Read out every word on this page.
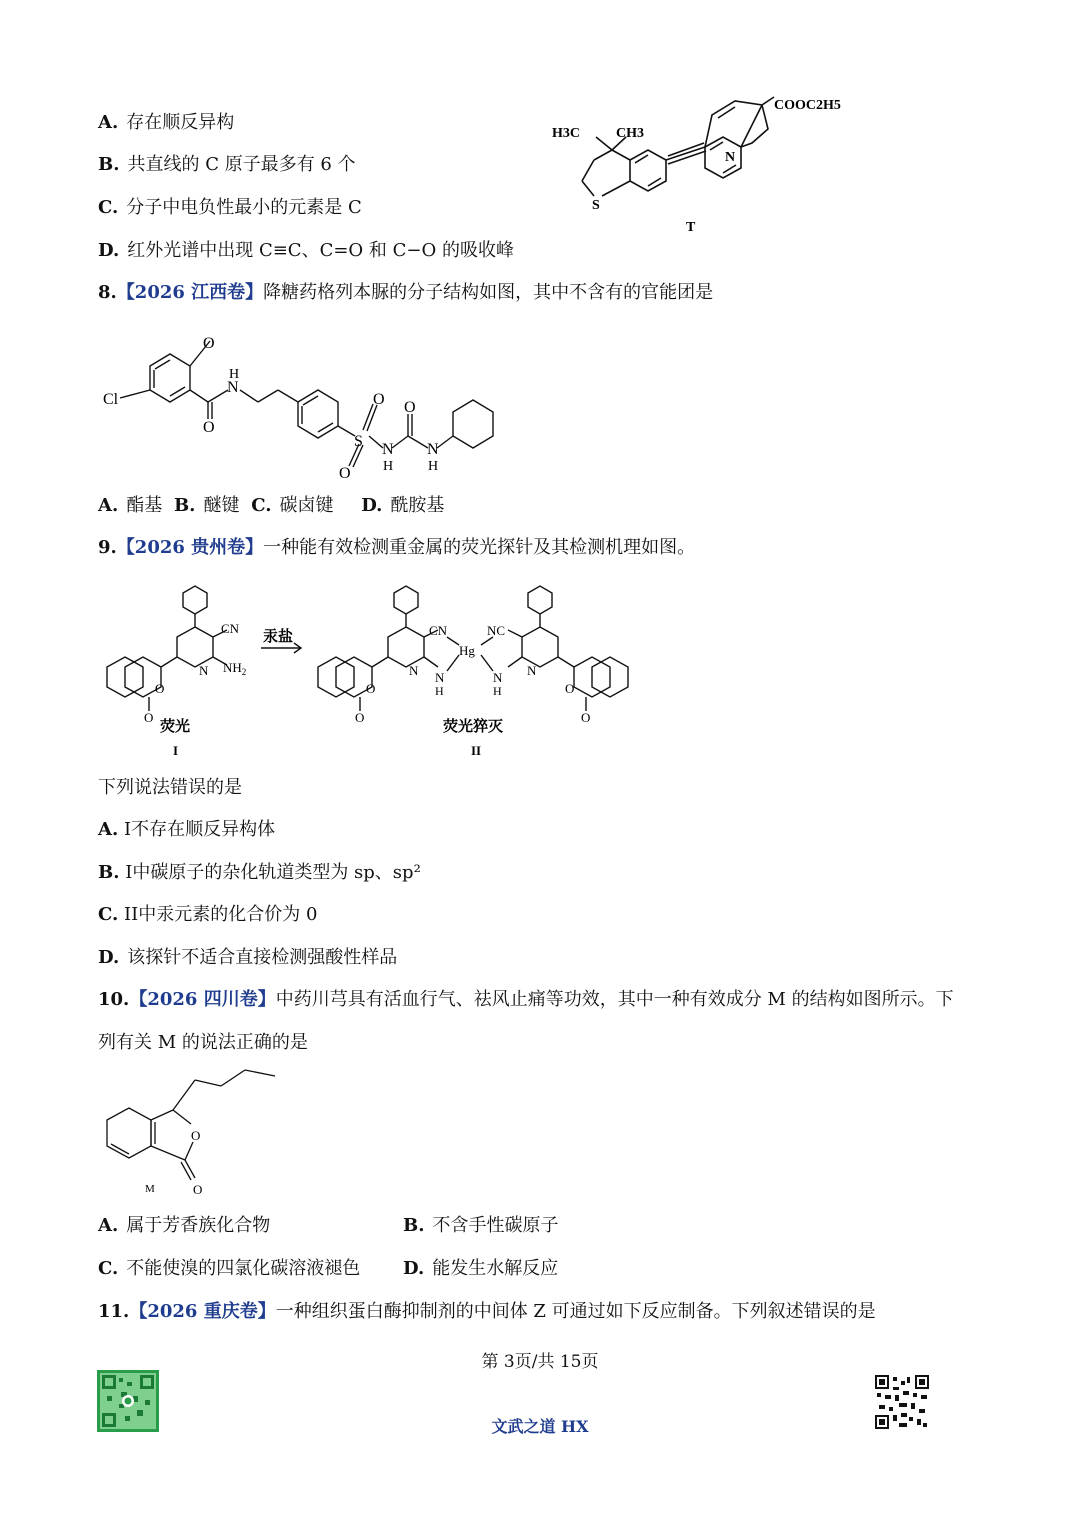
A. 存在顺反异构
B. 共直线的 C 原子最多有 6 个
C. 分子中电负性最小的元素是 C
D. 红外光谱中出现 C≡C、C=O 和 C−O 的吸收峰
H3C	CH3
S
N
COOC2H5
T
8.【2026 江西卷】降糖药格列本脲的分子结构如图，其中不含有的官能团是
Cl
O
O
N
H
S
O
O
N
H
O
N
H
A. 酯基 B. 醚键 C. 碳卤键 D. 酰胺基
9.【2026 贵州卷】一种能有效检测重金属的荧光探针及其检测机理如图。
CN
$NH_2$
N
O
O
荧光
I
汞盐	CN
Hg
NC
N N
H
N
H
N
O
O
O
O
荧光猝灭
II
下列说法错误的是
A. I不存在顺反异构体
B. I中碳原子的杂化轨道类型为 sp、sp²
C. II中汞元素的化合价为 0
D. 该探针不适合直接检测强酸性样品
10.【2026 四川卷】中药川芎具有活血行气、祛风止痛等功效，其中一种有效成分 M 的结构如图所示。下
列有关 M 的说法正确的是
O
O
M
A. 属于芳香族化合物	B. 不含手性碳原子
C. 不能使溴的四氯化碳溶液褪色 D. 能发生水解反应
11.【2026 重庆卷】一种组织蛋白酶抑制剂的中间体 Z 可通过如下反应制备。下列叙述错误的是
第 3页/共 15页
文武之道 HX
